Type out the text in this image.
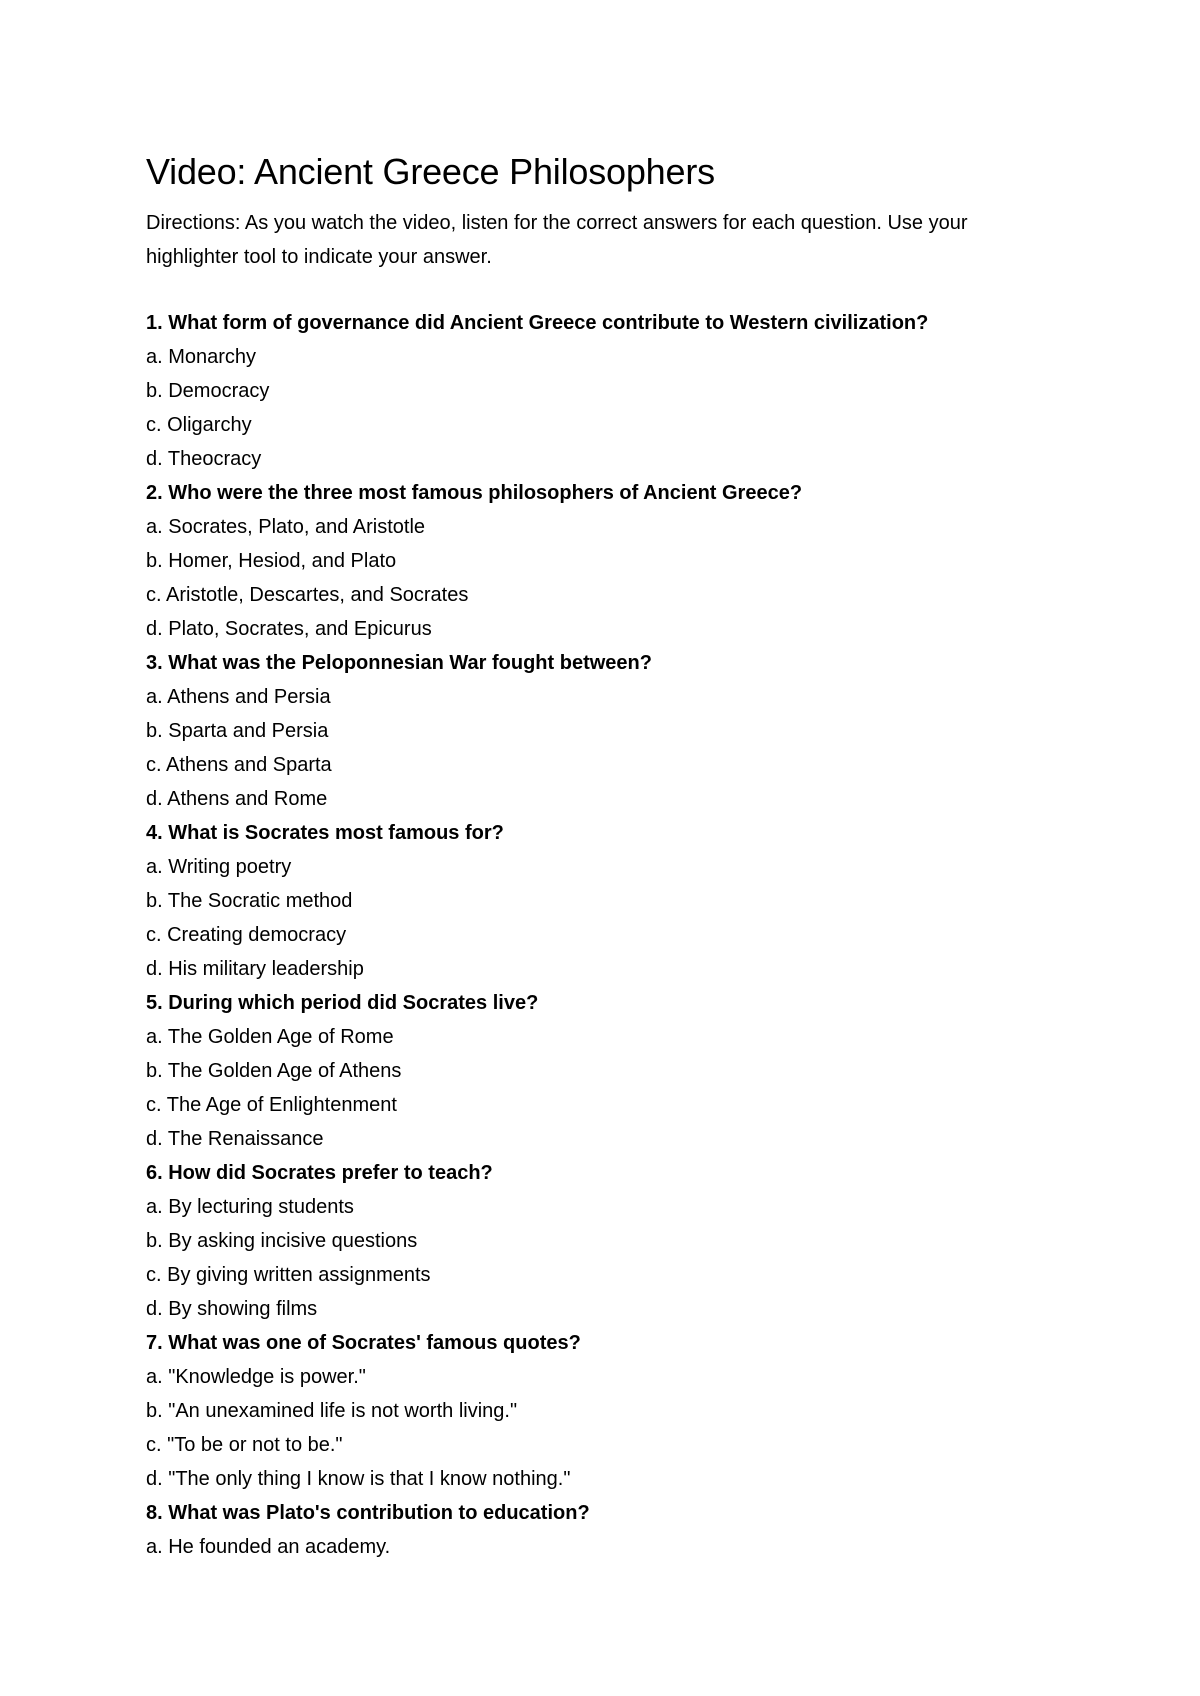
Video: Ancient Greece Philosophers

Directions: As you watch the video, listen for the correct answers for each question. Use your highlighter tool to indicate your answer.

1. What form of governance did Ancient Greece contribute to Western civilization?
a. Monarchy
b. Democracy
c. Oligarchy
d. Theocracy
2. Who were the three most famous philosophers of Ancient Greece?
a. Socrates, Plato, and Aristotle
b. Homer, Hesiod, and Plato
c. Aristotle, Descartes, and Socrates
d. Plato, Socrates, and Epicurus
3. What was the Peloponnesian War fought between?
a. Athens and Persia
b. Sparta and Persia
c. Athens and Sparta
d. Athens and Rome
4. What is Socrates most famous for?
a. Writing poetry
b. The Socratic method
c. Creating democracy
d. His military leadership
5. During which period did Socrates live?
a. The Golden Age of Rome
b. The Golden Age of Athens
c. The Age of Enlightenment
d. The Renaissance
6. How did Socrates prefer to teach?
a. By lecturing students
b. By asking incisive questions
c. By giving written assignments
d. By showing films
7. What was one of Socrates' famous quotes?
a. "Knowledge is power."
b. "An unexamined life is not worth living."
c. "To be or not to be."
d. "The only thing I know is that I know nothing."
8. What was Plato's contribution to education?
a. He founded an academy.
